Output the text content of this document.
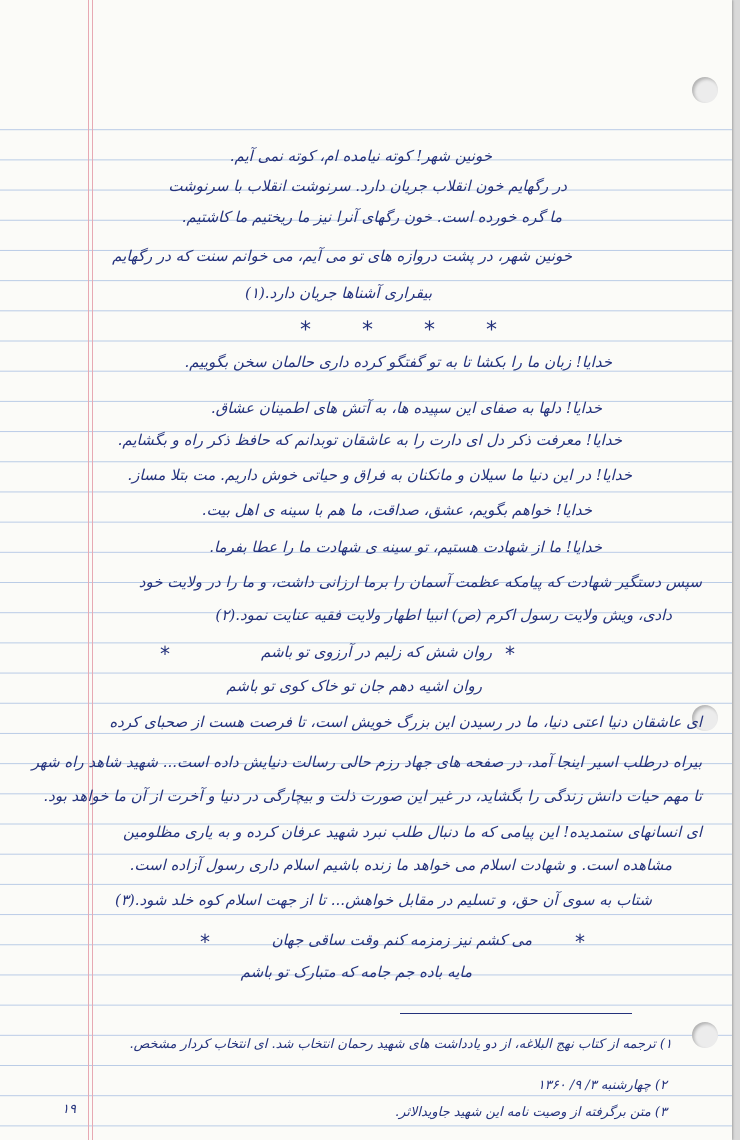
خونین شهر! کوته نیامده ام، کوته نمی آیم.
در رگهایم خون انقلاب جریان دارد. سرنوشت انقلاب با سرنوشت
ما گره خورده است. خون رگهای آنرا نیز ما ریختیم ما کاشتیم.
خونین شهر، در پشت دروازه های تو می آیم، می خوانم سنت که در رگهایم
بیقراری آشناها جریان دارد.(۱)
* * * *
خدایا! زبان ما را بکشا تا به تو گفتگو کرده داری حالمان سخن بگوییم.
خدایا! دلها به صفای این سپیده ها، به آتش های اطمینان عشاق.
خدایا! معرفت ذکر دل ای دارت را به عاشقان توبدانم که حافظ ذکر راه و بگشایم.
خدایا! در این دنیا ما سیلان و مانکنان به فراق و حیاتی خوش داریم. مت بتلا مساز.
خدایا! خواهم بگویم، عشق، صداقت، ما هم با سینه ی اهل بیت.
خدایا! ما از شهادت هستیم، تو سینه ی شهادت ما را عطا بفرما.
سپس دستگیر شهادت که پیامکه عظمت آسمان را برما ارزانی داشت، و ما را در ولایت خود
دادی، ویش ولایت رسول اکرم (ص) انبیا اطهار ولایت فقیه عنایت نمود.(۲)
*	*
روان شش که زلیم در آرزوی تو باشم
روان اشیه دهم جان تو خاک کوی تو باشم
ای عاشقان دنیا اعتی دنیا، ما در رسیدن این بزرگ خویش است، تا فرصت هست از صحبای کرده
بیراه درطلب اسیر اینجا آمد، در صفحه های جهاد رزم حالی رسالت دنیایش داده است... شهید شاهد راه شهر
تا مهم حیات دانش زندگی را بگشاید، در غیر این صورت ذلت و بیچارگی در دنیا و آخرت از آن ما خواهد بود.
ای انسانهای ستمدیده! این پیامی که ما دنبال طلب نبرد شهید عرفان کرده و به یاری مظلومین
مشاهده است. و شهادت اسلام می خواهد ما زنده باشیم اسلام داری رسول آزاده است.
شتاب به سوی آن حق، و تسلیم در مقابل خواهش... تا از جهت اسلام کوه خلد شود.(۳)
*	*
می کشم نیز زمزمه کنم وقت ساقی جهان
مایه باده جم جامه که متبارک تو باشم
۱) ترجمه از کتاب نهج البلاغه، از دو یادداشت های شهید رحمان انتخاب شد. ای انتخاب کردار مشخص.
۲) چهارشنبه ۳/ ۹/ ۱۳۶۰
۳) متن برگرفته از وصیت نامه این شهید جاویدالاثر.
۱۹
